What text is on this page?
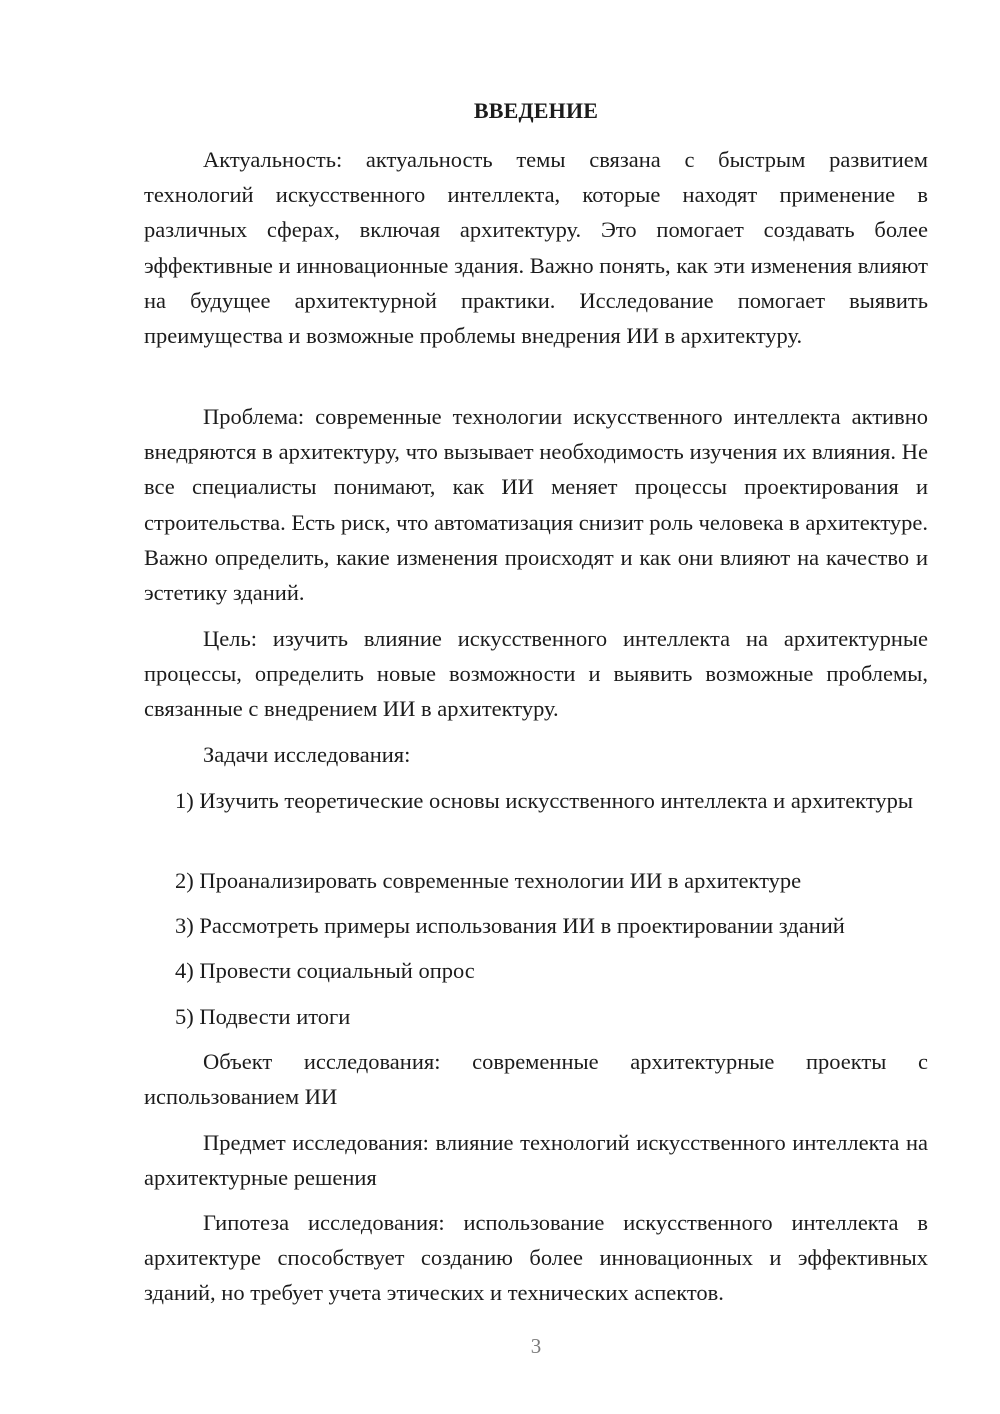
ВВЕДЕНИЕ

Актуальность: актуальность темы связана с быстрым развитием технологий искусственного интеллекта, которые находят применение в различных сферах, включая архитектуру. Это помогает создавать более эффективные и инновационные здания. Важно понять, как эти изменения влияют на будущее архитектурной практики. Исследование помогает выявить преимущества и возможные проблемы внедрения ИИ в архитектуру.

Проблема: современные технологии искусственного интеллекта активно внедряются в архитектуру, что вызывает необходимость изучения их влияния. Не все специалисты понимают, как ИИ меняет процессы проектирования и строительства. Есть риск, что автоматизация снизит роль человека в архитектуре. Важно определить, какие изменения происходят и как они влияют на качество и эстетику зданий.

Цель: изучить влияние искусственного интеллекта на архитектурные процессы, определить новые возможности и выявить возможные проблемы, связанные с внедрением ИИ в архитектуру.

Задачи исследования:

1) Изучить теоретические основы искусственного интеллекта и архитектуры

2) Проанализировать современные технологии ИИ в архитектуре

3) Рассмотреть примеры использования ИИ в проектировании зданий

4) Провести социальный опрос

5) Подвести итоги

Объект исследования: современные архитектурные проекты с использованием ИИ

Предмет исследования: влияние технологий искусственного интеллекта на архитектурные решения

Гипотеза исследования: использование искусственного интеллекта в архитектуре способствует созданию более инновационных и эффективных зданий, но требует учета этических и технических аспектов.

3
